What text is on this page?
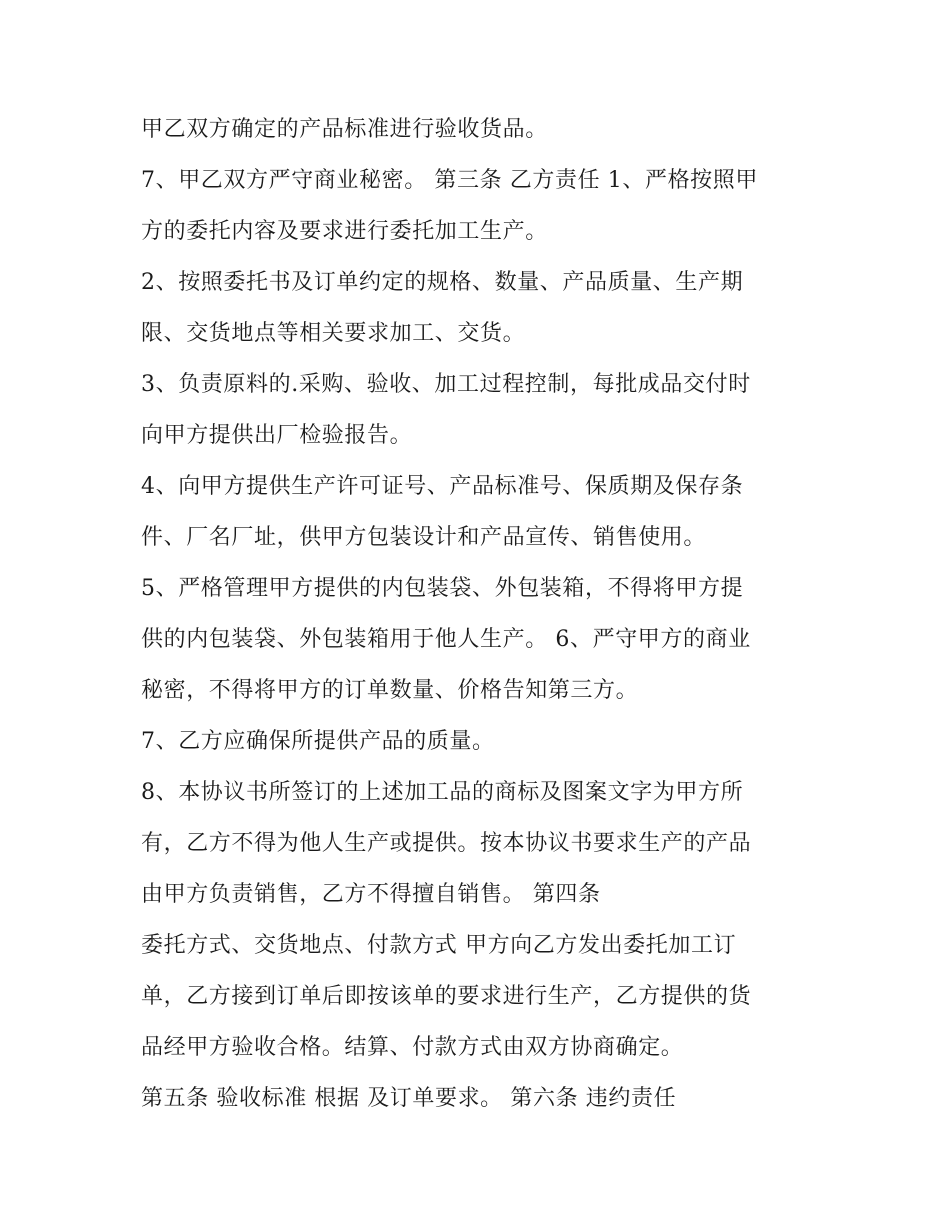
甲乙双方确定的产品标准进行验收货品。
7、甲乙双方严守商业秘密。 第三条 乙方责任 1、严格按照甲
方的委托内容及要求进行委托加工生产。
2、按照委托书及订单约定的规格、数量、产品质量、生产期
限、交货地点等相关要求加工、交货。
3、负责原料的.采购、验收、加工过程控制，每批成品交付时
向甲方提供出厂检验报告。
4、向甲方提供生产许可证号、产品标准号、保质期及保存条
件、厂名厂址，供甲方包装设计和产品宣传、销售使用。
5、严格管理甲方提供的内包装袋、外包装箱，不得将甲方提
供的内包装袋、外包装箱用于他人生产。 6、严守甲方的商业
秘密，不得将甲方的订单数量、价格告知第三方。
7、乙方应确保所提供产品的质量。
8、本协议书所签订的上述加工品的商标及图案文字为甲方所
有，乙方不得为他人生产或提供。按本协议书要求生产的产品
由甲方负责销售，乙方不得擅自销售。 第四条
委托方式、交货地点、付款方式 甲方向乙方发出委托加工订
单，乙方接到订单后即按该单的要求进行生产，乙方提供的货
品经甲方验收合格。结算、付款方式由双方协商确定。
第五条 验收标准 根据 及订单要求。 第六条 违约责任
